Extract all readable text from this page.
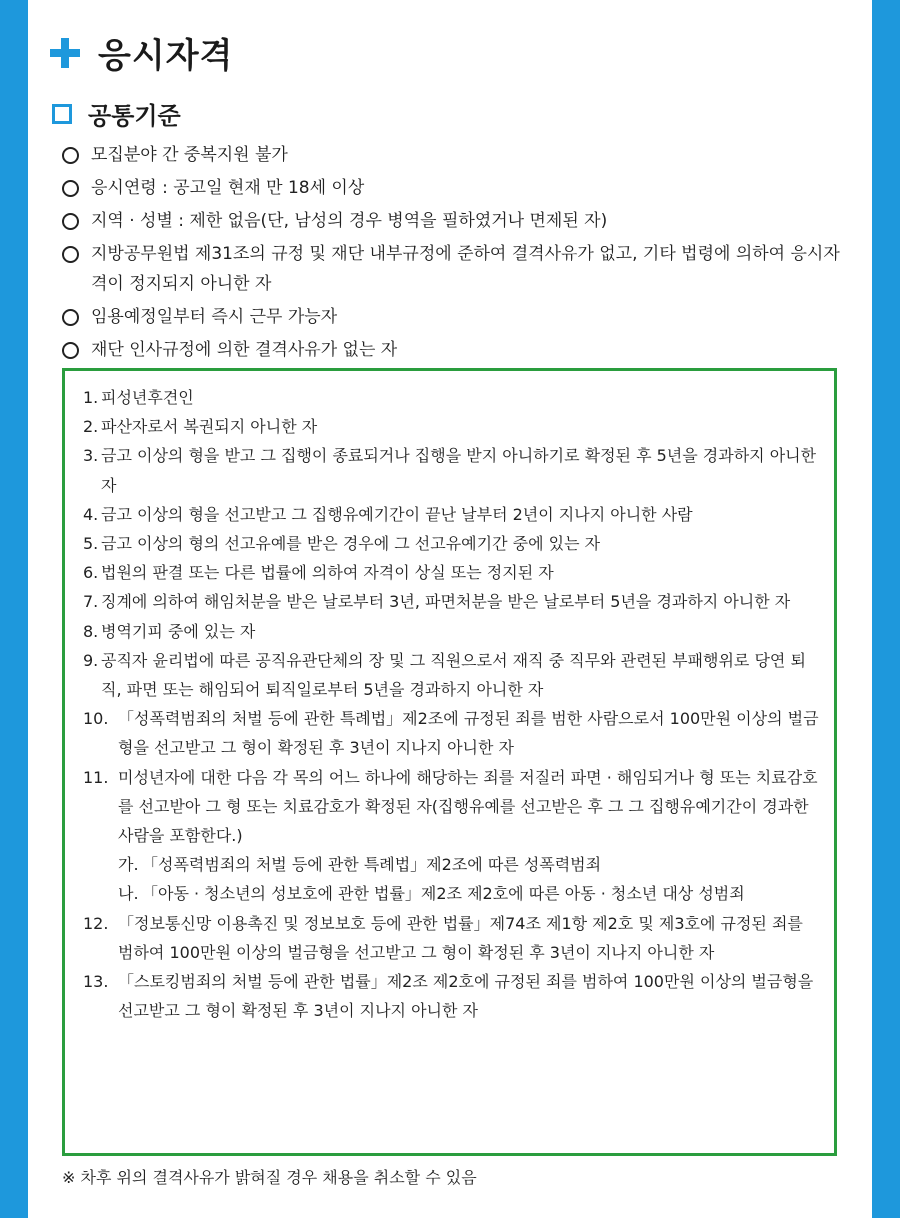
응시자격
공통기준
모집분야 간 중복지원 불가
응시연령 : 공고일 현재 만 18세 이상
지역 · 성별 : 제한 없음(단, 남성의 경우 병역을 필하였거나 면제된 자)
지방공무원법 제31조의 규정 및 재단 내부규정에 준하여 결격사유가 없고, 기타 법령에 의하여 응시자격이 정지되지 아니한 자
임용예정일부터 즉시 근무 가능자
재단 인사규정에 의한 결격사유가 없는 자
1. 피성년후견인
2. 파산자로서 복권되지 아니한 자
3. 금고 이상의 형을 받고 그 집행이 종료되거나 집행을 받지 아니하기로 확정된 후 5년을 경과하지 아니한 자
4. 금고 이상의 형을 선고받고 그 집행유예기간이 끝난 날부터 2년이 지나지 아니한 사람
5. 금고 이상의 형의 선고유예를 받은 경우에 그 선고유예기간 중에 있는 자
6. 법원의 판결 또는 다른 법률에 의하여 자격이 상실 또는 정지된 자
7. 징계에 의하여 해임처분을 받은 날로부터 3년, 파면처분을 받은 날로부터 5년을 경과하지 아니한 자
8. 병역기피 중에 있는 자
9. 공직자 윤리법에 따른 공직유관단체의 장 및 그 직원으로서 재직 중 직무와 관련된 부패행위로 당연 퇴직, 파면 또는 해임되어 퇴직일로부터 5년을 경과하지 아니한 자
10. 「성폭력범죄의 처벌 등에 관한 특례법」제2조에 규정된 죄를 범한 사람으로서 100만원 이상의 벌금형을 선고받고 그 형이 확정된 후 3년이 지나지 아니한 자
11. 미성년자에 대한 다음 각 목의 어느 하나에 해당하는 죄를 저질러 파면 · 해임되거나 형 또는 치료감호를 선고받아 그 형 또는 치료감호가 확정된 자(집행유예를 선고받은 후 그 그 집행유예기간이 경과한 사람을 포함한다.)
가. 「성폭력범죄의 처벌 등에 관한 특례법」제2조에 따른 성폭력범죄
나. 「아동 · 청소년의 성보호에 관한 법률」제2조 제2호에 따른 아동 · 청소년 대상 성범죄
12. 「정보통신망 이용촉진 및 정보보호 등에 관한 법률」제74조 제1항 제2호 및 제3호에 규정된 죄를 범하여 100만원 이상의 벌금형을 선고받고 그 형이 확정된 후 3년이 지나지 아니한 자
13. 「스토킹범죄의 처벌 등에 관한 법률」제2조 제2호에 규정된 죄를 범하여 100만원 이상의 벌금형을 선고받고 그 형이 확정된 후 3년이 지나지 아니한 자
※ 차후 위의 결격사유가 밝혀질 경우 채용을 취소할 수 있음
